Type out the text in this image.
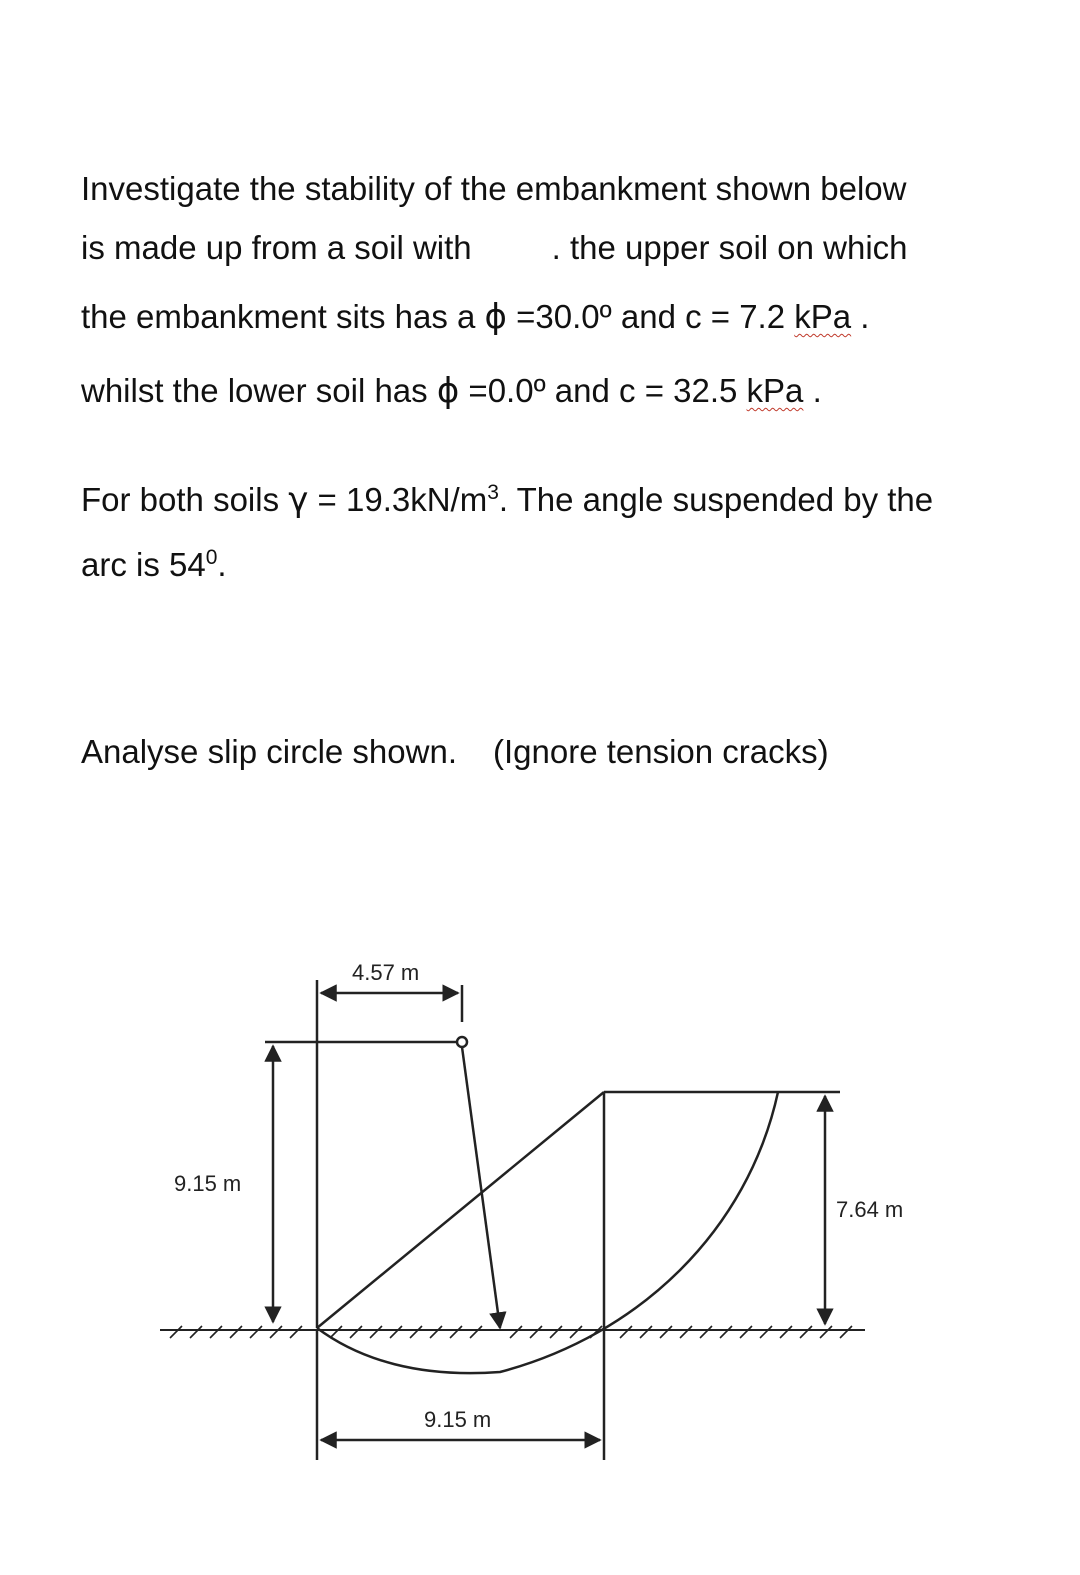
Investigate the stability of the embankment shown below
is made up from a soil with . the upper soil on which
the embankment sits has a ϕ =30.0º and c = 7.2 kPa .
whilst the lower soil has ϕ =0.0º and c = 32.5 kPa .
For both soils $\gamma = 19.3kN/m^3$. The angle suspended by the
arc is $54^0$.
Analyse slip circle shown. (Ignore tension cracks)
4.57 m
9.15 m
7.64 m
9.15 m
